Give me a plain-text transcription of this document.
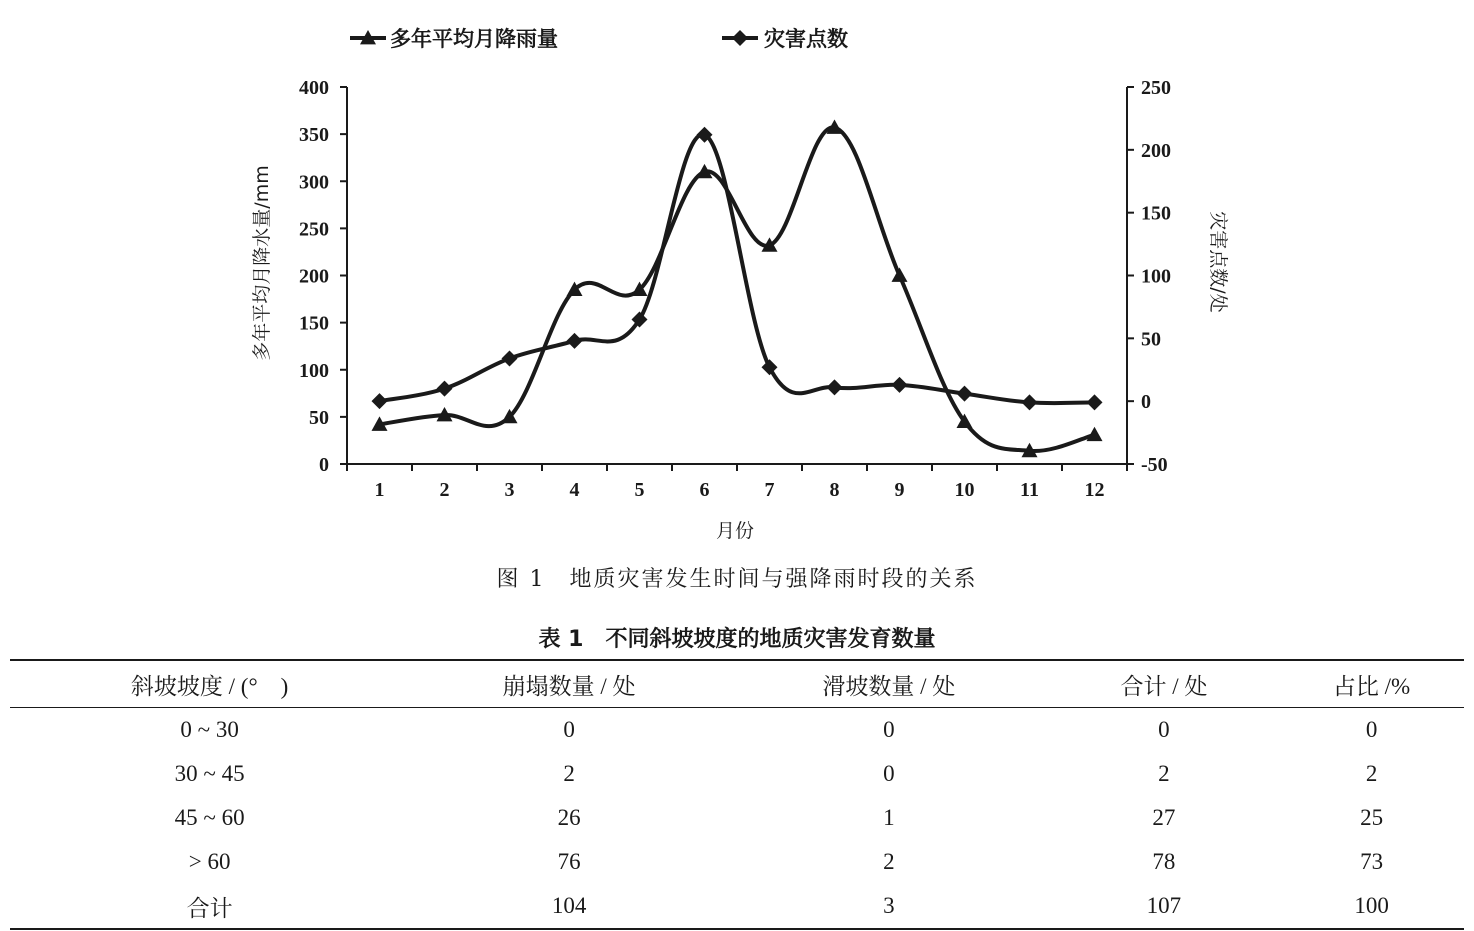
多年平均月降雨量	灾害点数
0
50
100
150
200
250
300
350
400
-50
0
50
100
150
200
250
1	2	3	4	5	6	7	8	9	10 11 12
多年平均月降水量/mm	灾害点数/处
月份
图 1　地质灾害发生时间与强降雨时段的关系
表 1　不同斜坡坡度的地质灾害发育数量
斜坡坡度 / (°　)	崩塌数量 / 处	滑坡数量 / 处	合计 / 处	占比 /%
0 ~ 30	0	0	0	0
30 ~ 45	2	0	2	2
45 ~ 60	26	1	27	25
> 60	76	2	78	73
合计	104	3	107	100
